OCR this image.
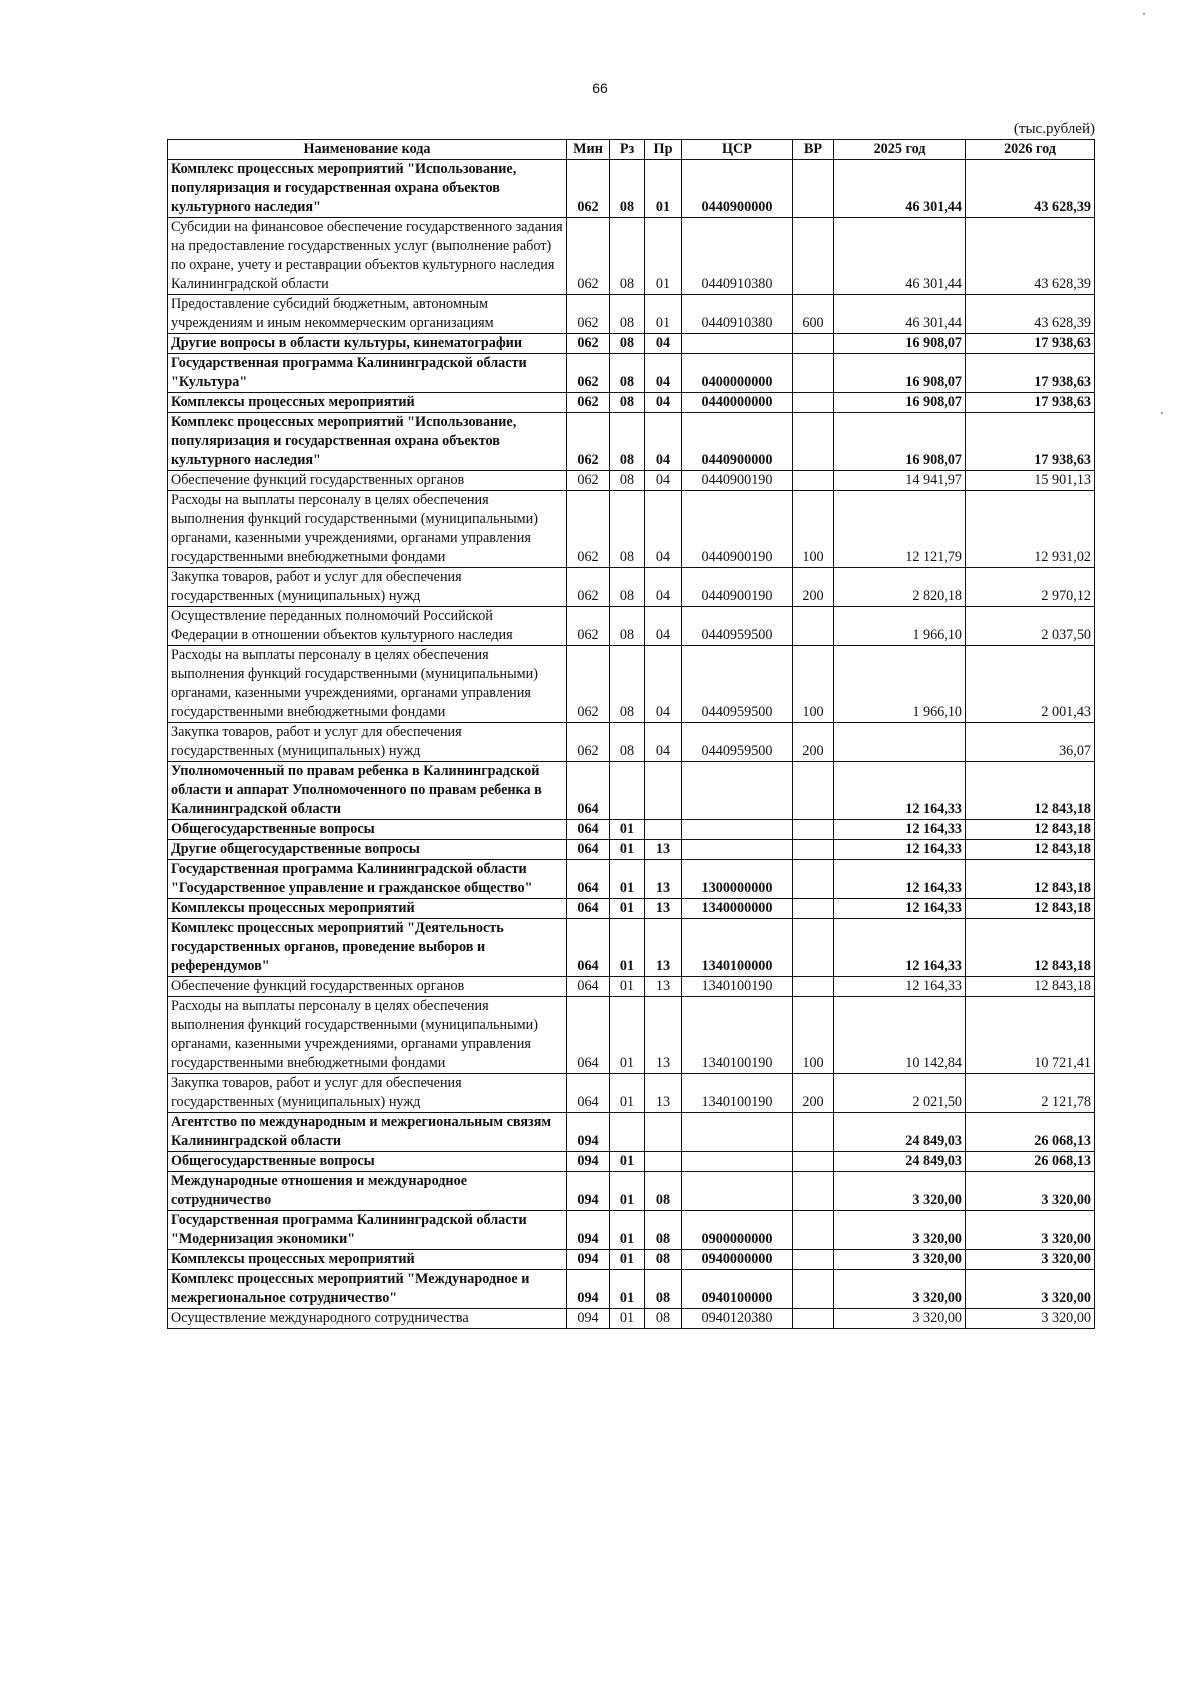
66
(тыс.рублей)
Наименование кода	Мин	Рз	Пр	ЦСР	ВР	2025 год	2026 год
Комплекс процессных мероприятий "Использование, популяризация и государственная охрана объектов культурного наследия"	062	08	01	0440900000		46 301,44	43 628,39
Субсидии на финансовое обеспечение государственного задания на предоставление государственных услуг (выполнение работ) по охране, учету и реставрации объектов культурного наследия Калининградской области	062	08	01	0440910380		46 301,44	43 628,39
Предоставление субсидий бюджетным, автономным учреждениям и иным некоммерческим организациям	062	08	01	0440910380	600	46 301,44	43 628,39
Другие вопросы в области культуры, кинематографии	062	08	04			16 908,07	17 938,63
Государственная программа Калининградской области "Культура"	062	08	04	0400000000		16 908,07	17 938,63
Комплексы процессных мероприятий	062	08	04	0440000000		16 908,07	17 938,63
Комплекс процессных мероприятий "Использование, популяризация и государственная охрана объектов культурного наследия"	062	08	04	0440900000		16 908,07	17 938,63
Обеспечение функций государственных органов	062	08	04	0440900190		14 941,97	15 901,13
Расходы на выплаты персоналу в целях обеспечения выполнения функций государственными (муниципальными) органами, казенными учреждениями, органами управления государственными внебюджетными фондами	062	08	04	0440900190	100	12 121,79	12 931,02
Закупка товаров, работ и услуг для обеспечения государственных (муниципальных) нужд	062	08	04	0440900190	200	2 820,18	2 970,12
Осуществление переданных полномочий Российской Федерации в отношении объектов культурного наследия	062	08	04	0440959500		1 966,10	2 037,50
Расходы на выплаты персоналу в целях обеспечения выполнения функций государственными (муниципальными) органами, казенными учреждениями, органами управления государственными внебюджетными фондами	062	08	04	0440959500	100	1 966,10	2 001,43
Закупка товаров, работ и услуг для обеспечения государственных (муниципальных) нужд	062	08	04	0440959500	200		36,07
Уполномоченный по правам ребенка в Калининградской области и аппарат Уполномоченного по правам ребенка в Калининградской области	064					12 164,33	12 843,18
Общегосударственные вопросы	064	01				12 164,33	12 843,18
Другие общегосударственные вопросы	064	01	13			12 164,33	12 843,18
Государственная программа Калининградской области "Государственное управление и гражданское общество"	064	01	13	1300000000		12 164,33	12 843,18
Комплексы процессных мероприятий	064	01	13	1340000000		12 164,33	12 843,18
Комплекс процессных мероприятий "Деятельность государственных органов, проведение выборов и референдумов"	064	01	13	1340100000		12 164,33	12 843,18
Обеспечение функций государственных органов	064	01	13	1340100190		12 164,33	12 843,18
Расходы на выплаты персоналу в целях обеспечения выполнения функций государственными (муниципальными) органами, казенными учреждениями, органами управления государственными внебюджетными фондами	064	01	13	1340100190	100	10 142,84	10 721,41
Закупка товаров, работ и услуг для обеспечения государственных (муниципальных) нужд	064	01	13	1340100190	200	2 021,50	2 121,78
Агентство по международным и межрегиональным связям Калининградской области	094					24 849,03	26 068,13
Общегосударственные вопросы	094	01				24 849,03	26 068,13
Международные отношения и международное сотрудничество	094	01	08			3 320,00	3 320,00
Государственная программа Калининградской области "Модернизация экономики"	094	01	08	0900000000		3 320,00	3 320,00
Комплексы процессных мероприятий	094	01	08	0940000000		3 320,00	3 320,00
Комплекс процессных мероприятий "Международное и межрегиональное сотрудничество"	094	01	08	0940100000		3 320,00	3 320,00
Осуществление международного сотрудничества	094	01	08	0940120380		3 320,00	3 320,00
